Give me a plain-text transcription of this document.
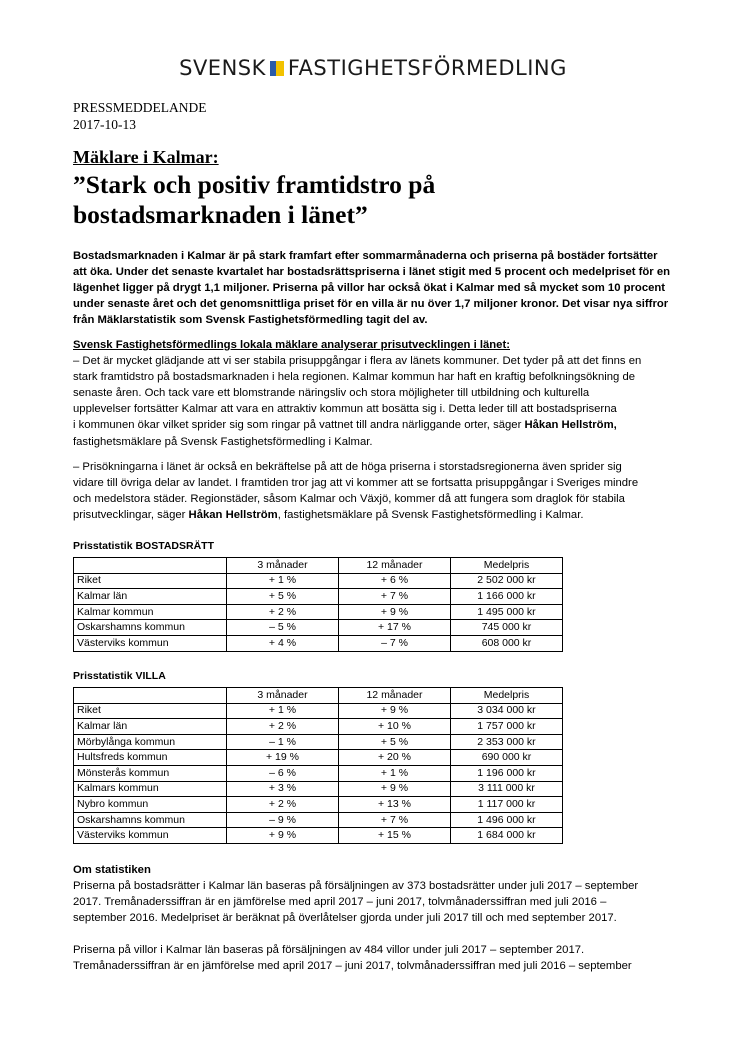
SVENSK FASTIGHETSFÖRMEDLING
PRESSMEDDELANDE
2017-10-13
Mäklare i Kalmar:
”Stark och positiv framtidstro på
bostadsmarknaden i länet”
Bostadsmarknaden i Kalmar är på stark framfart efter sommarmånaderna och priserna på bostäder fortsätter
att öka. Under det senaste kvartalet har bostadsrättspriserna i länet stigit med 5 procent och medelpriset för en
lägenhet ligger på drygt 1,1 miljoner. Priserna på villor har också ökat i Kalmar med så mycket som 10 procent
under senaste året och det genomsnittliga priset för en villa är nu över 1,7 miljoner kronor. Det visar nya siffror
från Mäklarstatistik som Svensk Fastighetsförmedling tagit del av.
Svensk Fastighetsförmedlings lokala mäklare analyserar prisutvecklingen i länet:
– Det är mycket glädjande att vi ser stabila prisuppgångar i flera av länets kommuner. Det tyder på att det finns en
stark framtidstro på bostadsmarknaden i hela regionen. Kalmar kommun har haft en kraftig befolkningsökning de
senaste åren. Och tack vare ett blomstrande näringsliv och stora möjligheter till utbildning och kulturella
upplevelser fortsätter Kalmar att vara en attraktiv kommun att bosätta sig i. Detta leder till att bostadspriserna
i kommunen ökar vilket sprider sig som ringar på vattnet till andra närliggande orter, säger Håkan Hellström,
fastighetsmäklare på Svensk Fastighetsförmedling i Kalmar.
– Prisökningarna i länet är också en bekräftelse på att de höga priserna i storstadsregionerna även sprider sig
vidare till övriga delar av landet. I framtiden tror jag att vi kommer att se fortsatta prisuppgångar i Sveriges mindre
och medelstora städer. Regionstäder, såsom Kalmar och Växjö, kommer då att fungera som draglok för stabila
prisutvecklingar, säger Håkan Hellström, fastighetsmäklare på Svensk Fastighetsförmedling i Kalmar.
Prisstatistik BOSTADSRÄTT
	3 månader	12 månader	Medelpris
Riket	+ 1 %	+ 6 %	2 502 000 kr
Kalmar län	+ 5 %	+ 7 %	1 166 000 kr
Kalmar kommun	+ 2 %	+ 9 %	1 495 000 kr
Oskarshamns kommun	– 5 %	+ 17 %	745 000 kr
Västerviks kommun	+ 4 %	– 7 %	608 000 kr
Prisstatistik VILLA
	3 månader	12 månader	Medelpris
Riket	+ 1 %	+ 9 %	3 034 000 kr
Kalmar län	+ 2 %	+ 10 %	1 757 000 kr
Mörbylånga kommun	– 1 %	+ 5 %	2 353 000 kr
Hultsfreds kommun	+ 19 %	+ 20 %	690 000 kr
Mönsterås kommun	– 6 %	+ 1 %	1 196 000 kr
Kalmars kommun	+ 3 %	+ 9 %	3 111 000 kr
Nybro kommun	+ 2 %	+ 13 %	1 117 000 kr
Oskarshamns kommun	– 9 %	+ 7 %	1 496 000 kr
Västerviks kommun	+ 9 %	+ 15 %	1 684 000 kr
Om statistiken
Priserna på bostadsrätter i Kalmar län baseras på försäljningen av 373 bostadsrätter under juli 2017 – september
2017. Tremånaderssiffran är en jämförelse med april 2017 – juni 2017, tolvmånaderssiffran med juli 2016 –
september 2016. Medelpriset är beräknat på överlåtelser gjorda under juli 2017 till och med september 2017.
Priserna på villor i Kalmar län baseras på försäljningen av 484 villor under juli 2017 – september 2017.
Tremånaderssiffran är en jämförelse med april 2017 – juni 2017, tolvmånaderssiffran med juli 2016 – september
